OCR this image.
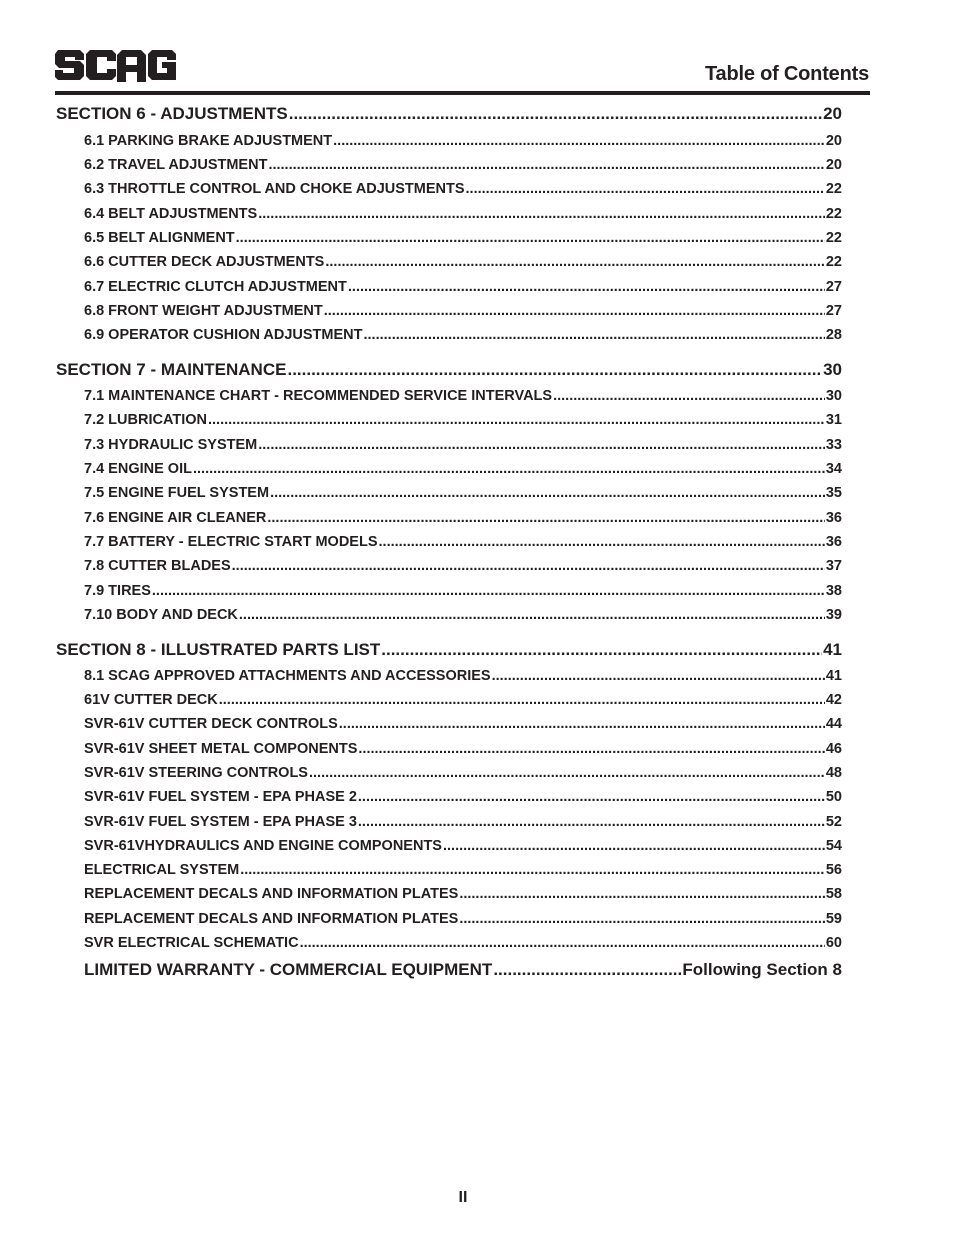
Table of Contents
SECTION 6 - ADJUSTMENTS .....	20
6.1 PARKING BRAKE ADJUSTMENT .....	20
6.2 TRAVEL ADJUSTMENT .....	20
6.3 THROTTLE CONTROL AND CHOKE ADJUSTMENTS .....	22
6.4 BELT ADJUSTMENTS .....	22
6.5 BELT ALIGNMENT .....	22
6.6 CUTTER DECK ADJUSTMENTS .....	22
6.7 ELECTRIC CLUTCH ADJUSTMENT .....	27
6.8 FRONT WEIGHT ADJUSTMENT .....	27
6.9 OPERATOR CUSHION ADJUSTMENT .....	28
SECTION 7 - MAINTENANCE .....	30
7.1 MAINTENANCE CHART - RECOMMENDED SERVICE INTERVALS .....	30
7.2 LUBRICATION .....	31
7.3 HYDRAULIC SYSTEM .....	33
7.4 ENGINE OIL .....	34
7.5 ENGINE FUEL SYSTEM .....	35
7.6 ENGINE AIR CLEANER .....	36
7.7 BATTERY - ELECTRIC START MODELS .....	36
7.8 CUTTER BLADES .....	37
7.9 TIRES .....	38
7.10 BODY AND DECK .....	39
SECTION 8 - ILLUSTRATED PARTS LIST .....	41
8.1 SCAG APPROVED ATTACHMENTS AND ACCESSORIES .....	41
61V CUTTER DECK .....	42
SVR-61V CUTTER DECK CONTROLS .....	44
SVR-61V SHEET METAL COMPONENTS .....	46
SVR-61V STEERING CONTROLS .....	48
SVR-61V FUEL SYSTEM - EPA PHASE 2 .....	50
SVR-61V FUEL SYSTEM - EPA PHASE 3 .....	52
SVR-61VHYDRAULICS AND ENGINE COMPONENTS .....	54
ELECTRICAL SYSTEM .....	56
REPLACEMENT DECALS AND INFORMATION PLATES .....	58
REPLACEMENT DECALS AND INFORMATION PLATES .....	59
SVR ELECTRICAL SCHEMATIC .....	60
LIMITED WARRANTY - COMMERCIAL EQUIPMENT .....	Following Section 8
II
